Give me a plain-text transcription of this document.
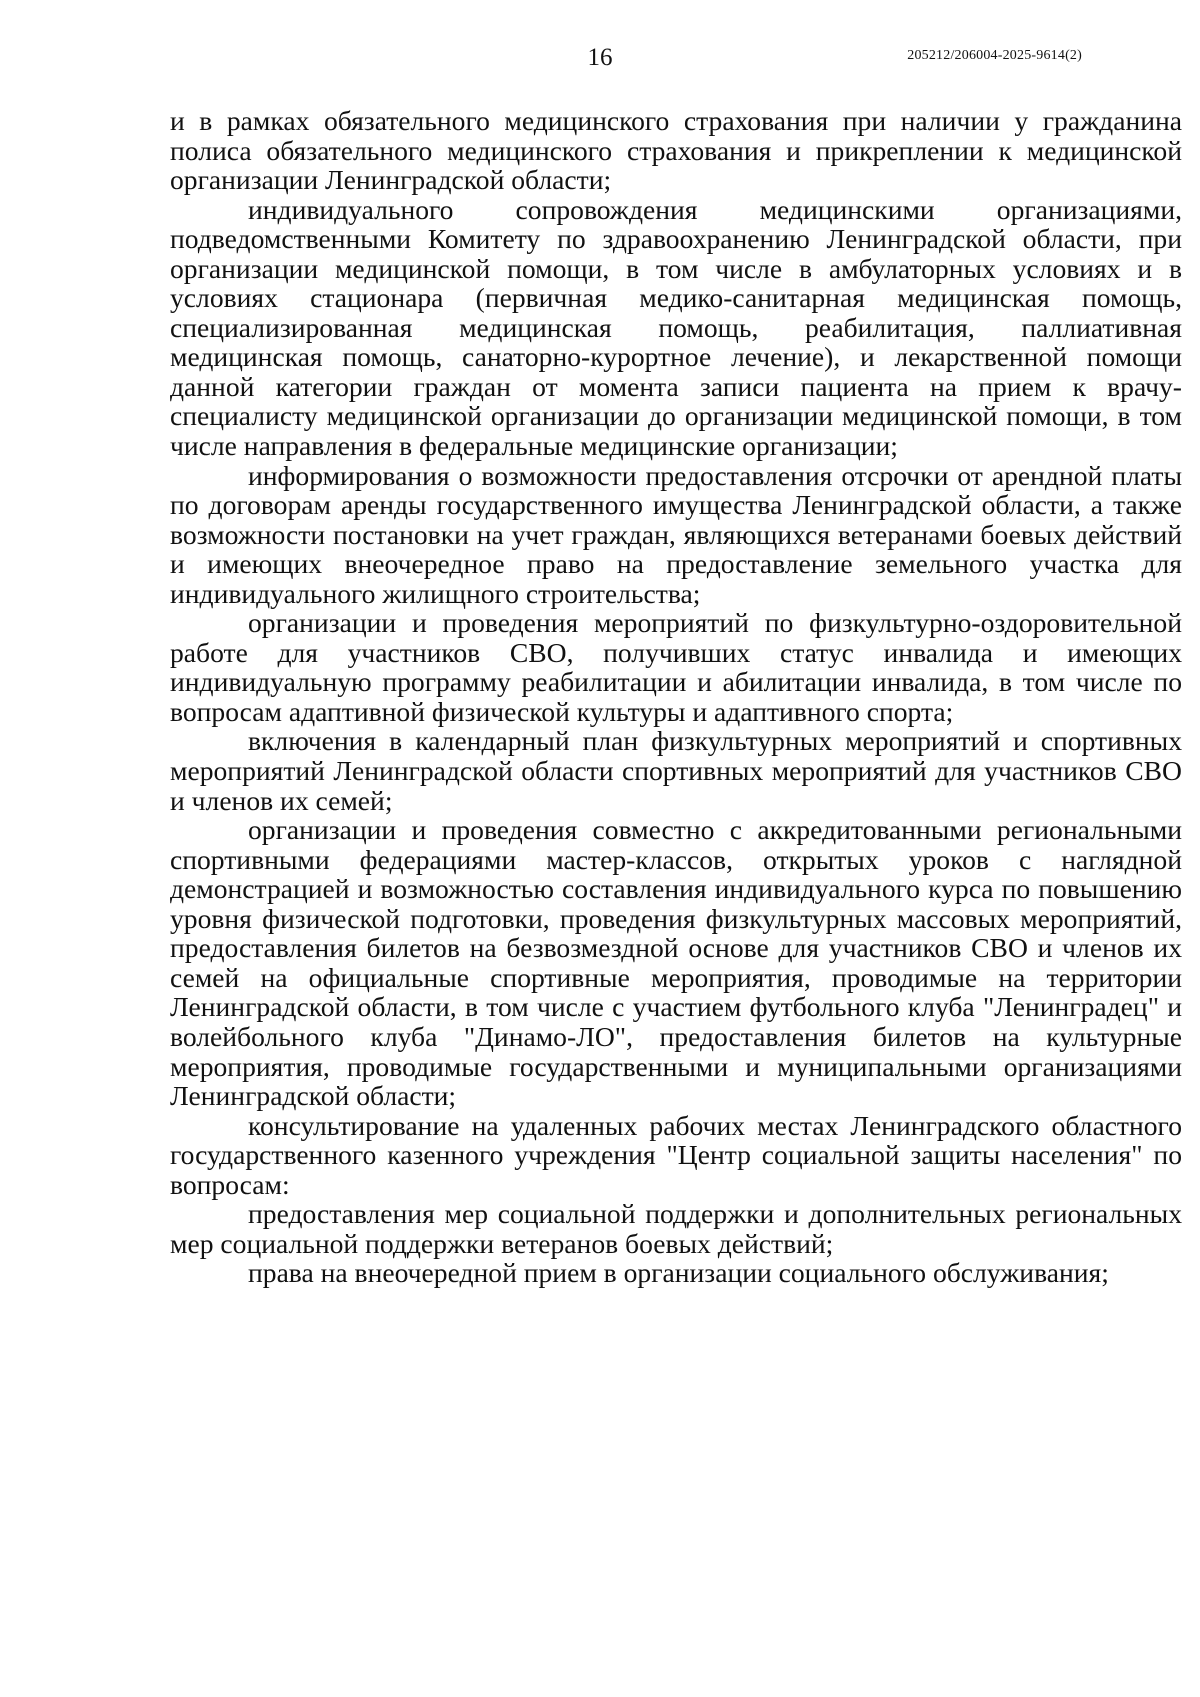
16	205212/206004-2025-9614(2)

и в рамках обязательного медицинского страхования при наличии у гражданина полиса обязательного медицинского страхования и прикреплении к медицинской организации Ленинградской области;

индивидуального сопровождения медицинскими организациями, подведомственными Комитету по здравоохранению Ленинградской области, при организации медицинской помощи, в том числе в амбулаторных условиях и в условиях стационара (первичная медико-санитарная медицинская помощь, специализированная медицинская помощь, реабилитация, паллиативная медицинская помощь, санаторно-курортное лечение), и лекарственной помощи данной категории граждан от момента записи пациента на прием к врачу-специалисту медицинской организации до организации медицинской помощи, в том числе направления в федеральные медицинские организации;

информирования о возможности предоставления отсрочки от арендной платы по договорам аренды государственного имущества Ленинградской области, а также возможности постановки на учет граждан, являющихся ветеранами боевых действий и имеющих внеочередное право на предоставление земельного участка для индивидуального жилищного строительства;

организации и проведения мероприятий по физкультурно-оздоровительной работе для участников СВО, получивших статус инвалида и имеющих индивидуальную программу реабилитации и абилитации инвалида, в том числе по вопросам адаптивной физической культуры и адаптивного спорта;

включения в календарный план физкультурных мероприятий и спортивных мероприятий Ленинградской области спортивных мероприятий для участников СВО и членов их семей;

организации и проведения совместно с аккредитованными региональными спортивными федерациями мастер-классов, открытых уроков с наглядной демонстрацией и возможностью составления индивидуального курса по повышению уровня физической подготовки, проведения физкультурных массовых мероприятий, предоставления билетов на безвозмездной основе для участников СВО и членов их семей на официальные спортивные мероприятия, проводимые на территории Ленинградской области, в том числе с участием футбольного клуба "Ленинградец" и волейбольного клуба "Динамо-ЛО", предоставления билетов на культурные мероприятия, проводимые государственными и муниципальными организациями Ленинградской области;

консультирование на удаленных рабочих местах Ленинградского областного государственного казенного учреждения "Центр социальной защиты населения" по вопросам:

предоставления мер социальной поддержки и дополнительных региональных мер социальной поддержки ветеранов боевых действий;

права на внеочередной прием в организации социального обслуживания;
